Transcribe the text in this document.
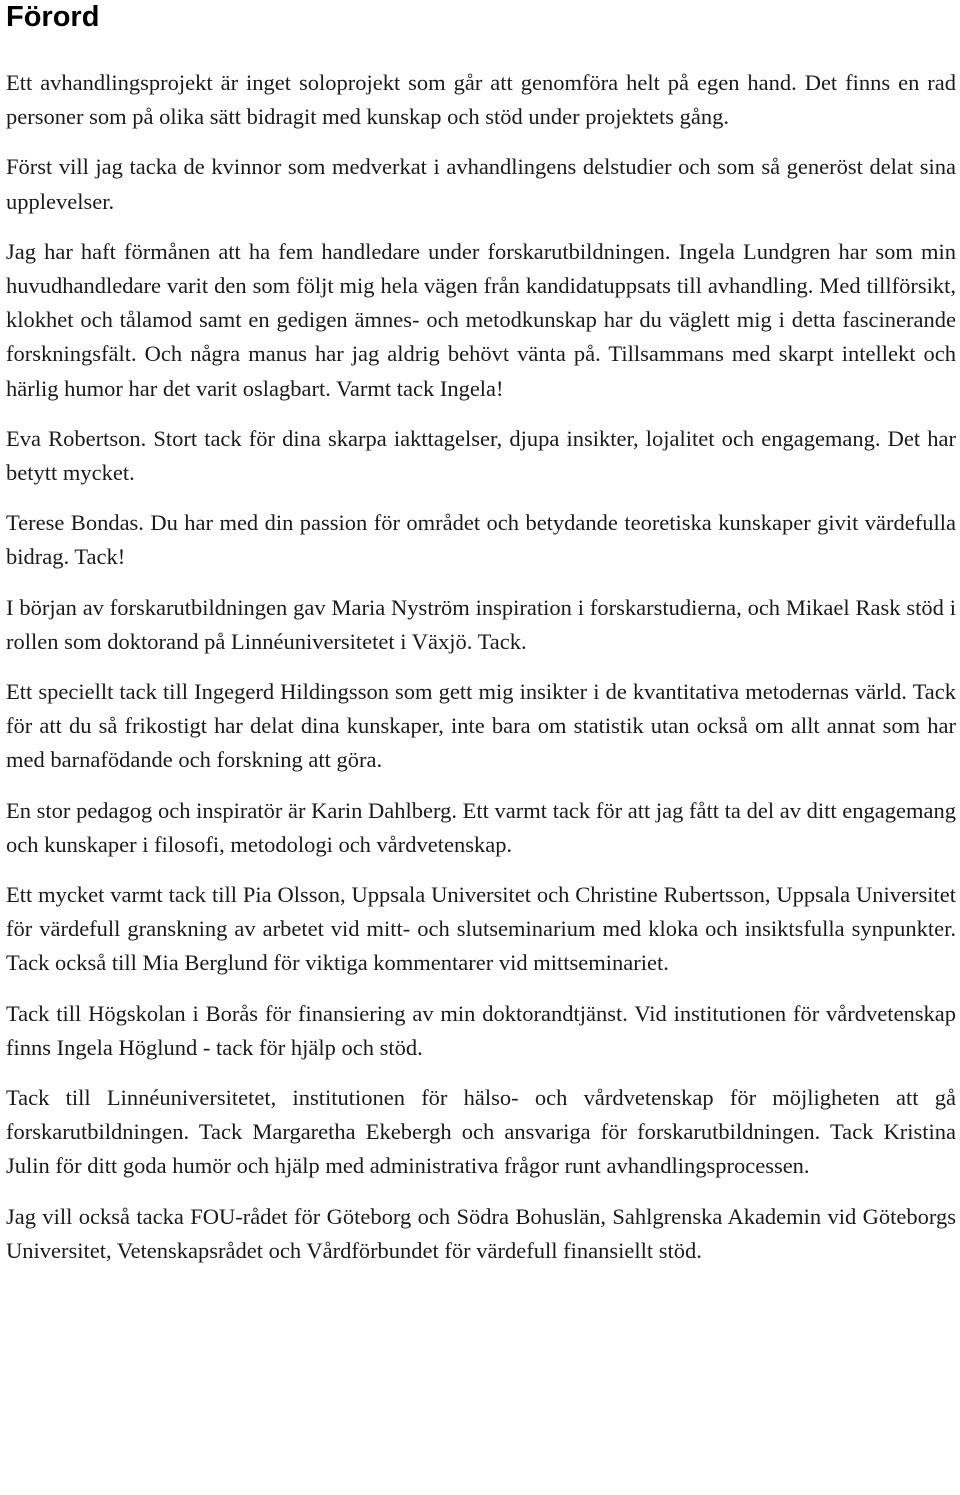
Förord

Ett avhandlingsprojekt är inget soloprojekt som går att genomföra helt på egen hand. Det finns en rad personer som på olika sätt bidragit med kunskap och stöd under projektets gång.

Först vill jag tacka de kvinnor som medverkat i avhandlingens delstudier och som så generöst delat sina upplevelser.

Jag har haft förmånen att ha fem handledare under forskarutbildningen. Ingela Lundgren har som min huvudhandledare varit den som följt mig hela vägen från kandidatuppsats till avhandling. Med tillförsikt, klokhet och tålamod samt en gedigen ämnes- och metodkunskap har du väglett mig i detta fascinerande forskningsfält. Och några manus har jag aldrig behövt vänta på. Tillsammans med skarpt intellekt och härlig humor har det varit oslagbart. Varmt tack Ingela!

Eva Robertson. Stort tack för dina skarpa iakttagelser, djupa insikter, lojalitet och engagemang. Det har betytt mycket.

Terese Bondas. Du har med din passion för området och betydande teoretiska kunskaper givit värdefulla bidrag. Tack!

I början av forskarutbildningen gav Maria Nyström inspiration i forskarstudierna, och Mikael Rask stöd i rollen som doktorand på Linnéuniversitetet i Växjö. Tack.

Ett speciellt tack till Ingegerd Hildingsson som gett mig insikter i de kvantitativa metodernas värld. Tack för att du så frikostigt har delat dina kunskaper, inte bara om statistik utan också om allt annat som har med barnafödande och forskning att göra.

En stor pedagog och inspiratör är Karin Dahlberg. Ett varmt tack för att jag fått ta del av ditt engagemang och kunskaper i filosofi, metodologi och vårdvetenskap.

Ett mycket varmt tack till Pia Olsson, Uppsala Universitet och Christine Rubertsson, Uppsala Universitet för värdefull granskning av arbetet vid mitt- och slutseminarium med kloka och insiktsfulla synpunkter. Tack också till Mia Berglund för viktiga kommentarer vid mittseminariet.

Tack till Högskolan i Borås för finansiering av min doktorandtjänst. Vid institutionen för vårdvetenskap finns Ingela Höglund - tack för hjälp och stöd.

Tack till Linnéuniversitetet, institutionen för hälso- och vårdvetenskap för möjligheten att gå forskarutbildningen. Tack Margaretha Ekebergh och ansvariga för forskarutbildningen. Tack Kristina Julin för ditt goda humör och hjälp med administrativa frågor runt avhandlingsprocessen.

Jag vill också tacka FOU-rådet för Göteborg och Södra Bohuslän, Sahlgrenska Akademin vid Göteborgs Universitet, Vetenskapsrådet och Vårdförbundet för värdefull finansiellt stöd.
